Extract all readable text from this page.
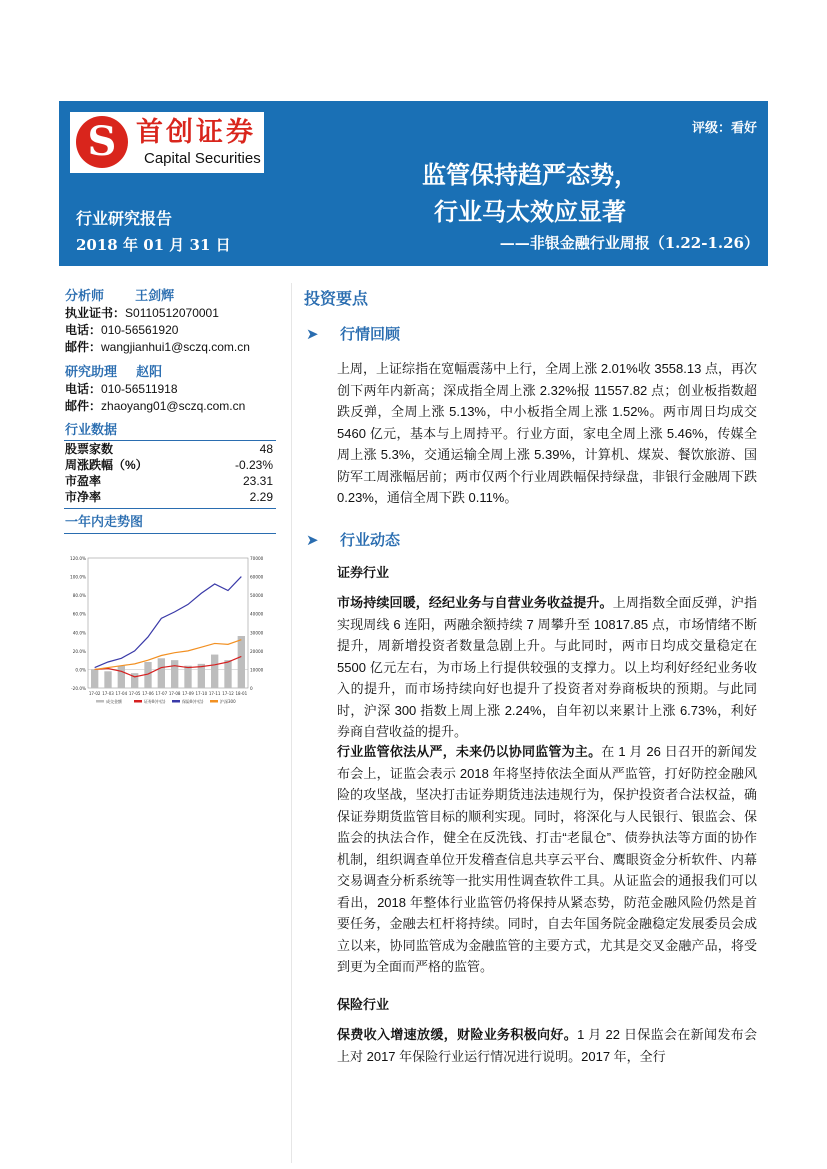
S 首创证券
Capital Securities
评级：看好
监管保持趋严态势，
行业马太效应显著
——非银金融行业周报（1.22-1.26）
行业研究报告
2018 年 01 月 31 日
分析师 王剑辉
执业证书：S0110512070001
电话：010-56561920
邮件：wangjianhui1@sczq.com.cn
研究助理 赵阳
电话：010-56511918
邮件：zhaoyang01@sczq.com.cn
行业数据
股票家数	48
周涨跌幅（%）	-0.23%
市盈率	23.31
市净率	2.29
一年内走势图
120.0%
100.0%
80.0%
60.0%
40.0%
20.0%
0.0%
-20.0%
70000
60000
50000
40000
30000
20000
10000
0
17-02 17-03 17-04 17-05 17-06 17-07 17-08 17-09 17-10 17-11 17-12 18-01
成交金额	证券II(中信)	保险II(中信)	沪深300
投资要点
➤ 行情回顾
上周，上证综指在宽幅震荡中上行，全周上涨 2.01%收 3558.13 点，再次创下两年内新高；深成指全周上涨 2.32%报 11557.82 点；创业板指数超跌反弹，全周上涨 5.13%，中小板指全周上涨 1.52%。两市周日均成交 5460 亿元，基本与上周持平。行业方面，家电全周上涨 5.46%，传媒全周上涨 5.3%，交通运输全周上涨 5.39%，计算机、煤炭、餐饮旅游、国防军工周涨幅居前；两市仅两个行业周跌幅保持绿盘，非银行金融周下跌 0.23%，通信全周下跌 0.11%。
➤ 行业动态
证券行业
市场持续回暖，经纪业务与自营业务收益提升。上周指数全面反弹，沪指实现周线 6 连阳，两融余额持续 7 周攀升至 10817.85 点，市场情绪不断提升，周新增投资者数量急剧上升。与此同时，两市日均成交量稳定在 5500 亿元左右，为市场上行提供较强的支撑力。以上均利好经纪业务收入的提升，而市场持续向好也提升了投资者对券商板块的预期。与此同时，沪深 300 指数上周上涨 2.24%，自年初以来累计上涨 6.73%，利好券商自营收益的提升。
行业监管依法从严，未来仍以协同监管为主。在 1 月 26 日召开的新闻发布会上，证监会表示 2018 年将坚持依法全面从严监管，打好防控金融风险的攻坚战，坚决打击证券期货违法违规行为，保护投资者合法权益，确保证券期货监管目标的顺利实现。同时，将深化与人民银行、银监会、保监会的执法合作，健全在反洗钱、打击“老鼠仓”、债券执法等方面的协作机制，组织调查单位开发稽查信息共享云平台、鹰眼资金分析软件、内幕交易调查分析系统等一批实用性调查软件工具。从证监会的通报我们可以看出，2018 年整体行业监管仍将保持从紧态势，防范金融风险仍然是首要任务，金融去杠杆将持续。同时，自去年国务院金融稳定发展委员会成立以来，协同监管成为金融监管的主要方式，尤其是交叉金融产品，将受到更为全面而严格的监管。
保险行业
保费收入增速放缓，财险业务积极向好。1 月 22 日保监会在新闻发布会上对 2017 年保险行业运行情况进行说明。2017 年，全行
